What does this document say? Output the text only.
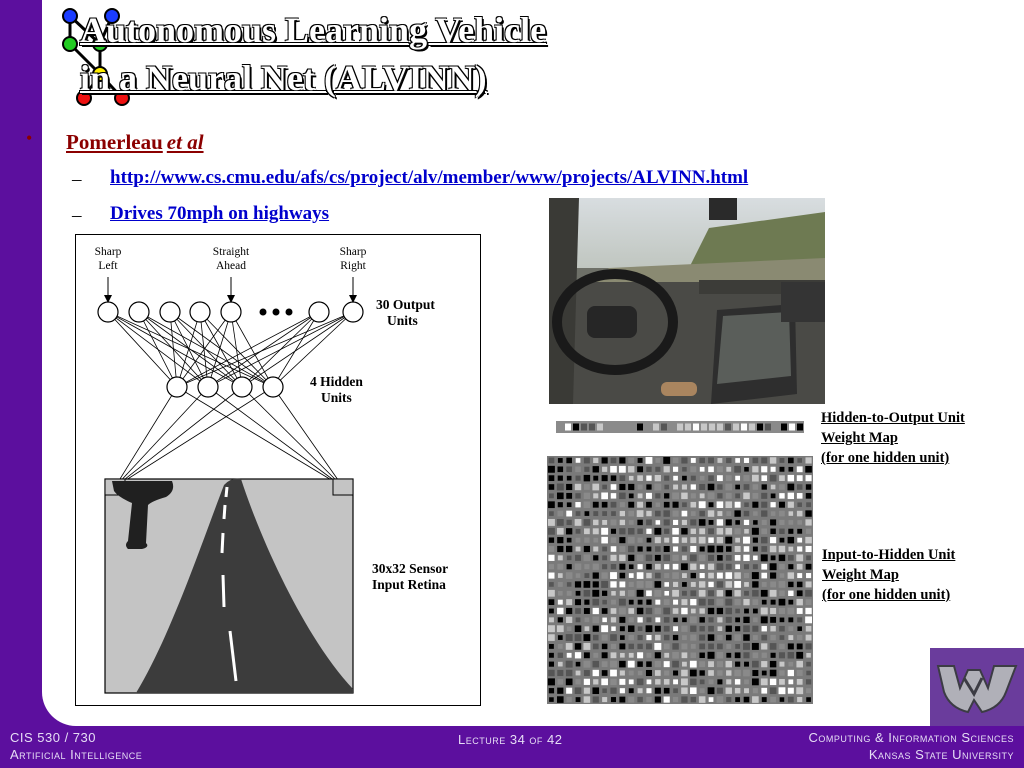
Autonomous Learning Vehicle
in a Neural Net (ALVINN)
• Pomerleau et al
– http://www.cs.cmu.edu/afs/cs/project/alv/member/www/projects/ALVINN.html
– Drives 70mph on highways
Sharp
Left
Straight
Ahead
Sharp
Right
30 Output
Units
4 Hidden
Units
30x32 Sensor
Input Retina
Hidden-to-Output Unit
Weight Map
(for one hidden unit)
Input-to-Hidden Unit
Weight Map
(for one hidden unit)
CIS 530 / 730
Artificial Intelligence
Lecture 34 of 42	Computing & Information Sciences
Kansas State University
